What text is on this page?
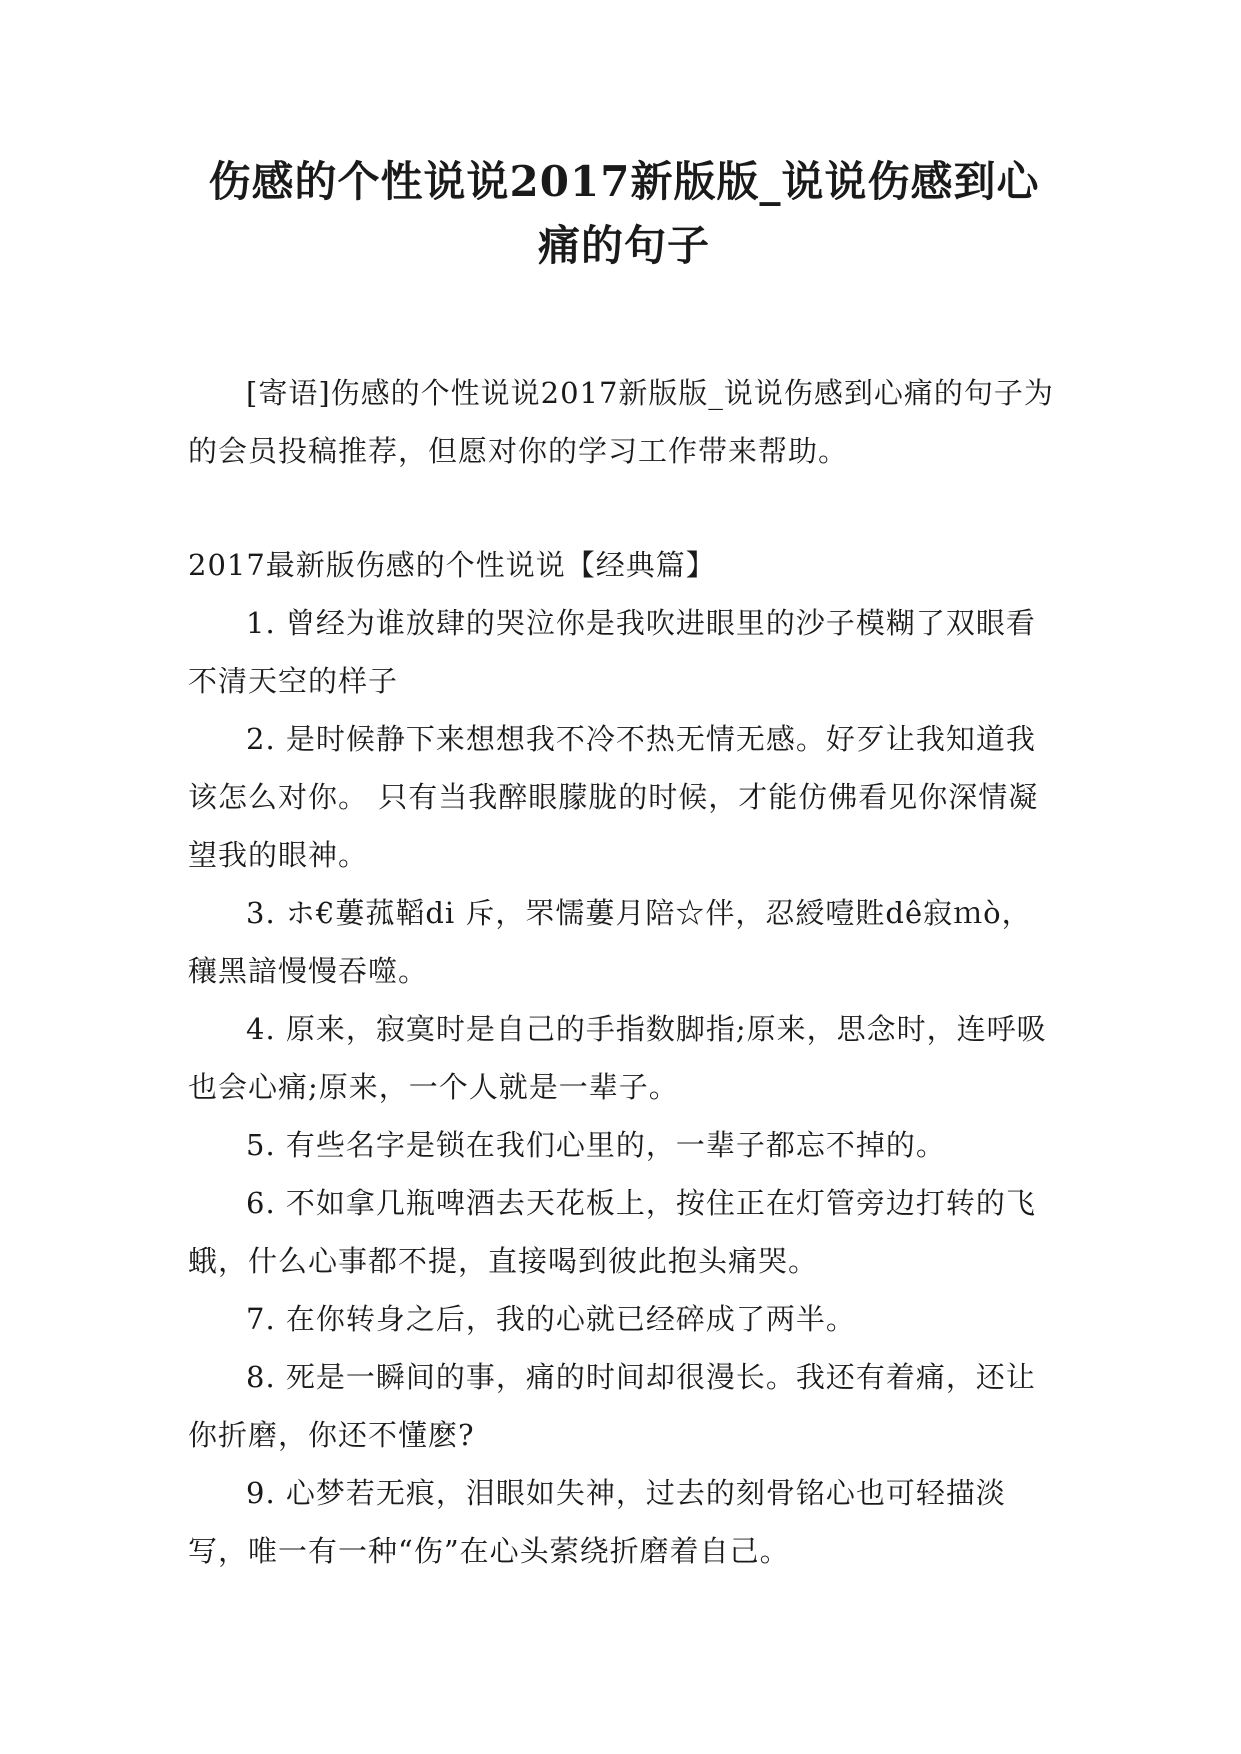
伤感的个性说说2017新版版_说说伤感到心痛的句子

[寄语]伤感的个性说说2017新版版_说说伤感到心痛的句子为的会员投稿推荐，但愿对你的学习工作带来帮助。

2017最新版伤感的个性说说【经典篇】
1. 曾经为谁放肆的哭泣你是我吹进眼里的沙子模糊了双眼看不清天空的样子
2. 是时候静下来想想我不冷不热无情无感。好歹让我知道我该怎么对你。 只有当我醉眼朦胧的时候，才能仿佛看见你深情凝望我的眼神。
3. ホ€蔞菰鞱di 斥，罘懦蔞月陪☆伴，忍綬噎貹dê寂ｍò，穰黑諳慢慢吞噬。
4. 原来，寂寞时是自己的手指数脚指;原来，思念时，连呼吸也会心痛;原来，一个人就是一辈子。
5. 有些名字是锁在我们心里的，一辈子都忘不掉的。
6. 不如拿几瓶啤酒去天花板上，按住正在灯管旁边打转的飞蛾，什么心事都不提，直接喝到彼此抱头痛哭。
7. 在你转身之后，我的心就已经碎成了两半。
8. 死是一瞬间的事，痛的时间却很漫长。我还有着痛，还让你折磨，你还不懂麽?
9. 心梦若无痕，泪眼如失神，过去的刻骨铭心也可轻描淡写，唯一有一种“伤”在心头萦绕折磨着自己。
